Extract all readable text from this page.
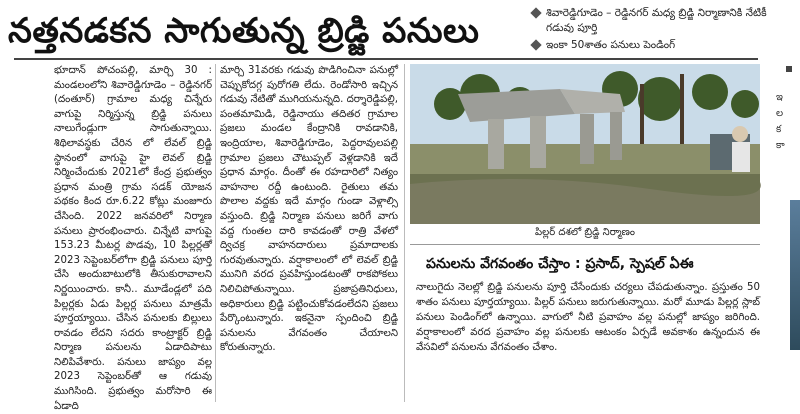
నత్తనడకన సాగుతున్న బ్రిడ్జి పనులు	శివారెడ్డిగూడెం – రెడ్డినగర్ మధ్య బ్రిడ్జి నిర్మాణానికి నేటికీ గడువు పూర్తి
ఇంకా 50శాతం పనులు పెండింగ్
భూదాన్ పోచంపల్లి, మార్చి 30 : మండలంలోని శివారెడ్డిగూడెం – రెడ్డినగర్ (దంతూర్) గ్రామాల మధ్య చిన్నేరు వాగుపై నిర్మిస్తున్న బ్రిడ్జి పనులు నాలుగేండ్లుగా సాగుతున్నాయి. శిథిలావస్థకు చేరిన లో లేవల్ బ్రిడ్జి స్థానంలో వాగుపై హై లెవల్ బ్రిడ్జి నిర్మించేందుకు 2021లో కేంద్ర ప్రభుత్వం ప్రధాన మంత్రి గ్రామ సడక్ యోజన పథకం కింద రూ.6.22 కోట్లు మంజూరు చేసింది. 2022 జనవరిలో నిర్మాణ పనులు ప్రారంభించారు. చిన్నేటి వాగుపై 153.23 మీటర్ల పొడవు, 10 పిల్లర్లతో 2023 సెప్టెంబర్‌లోగా బ్రిడ్జి పనులు పూర్తి చేసి అందుబాటులోకి తీసుకురావాలని నిర్ణయించారు. కానీ.. మూడేండ్లలో పది పిల్లర్లకు ఏడు పిల్లర్ల పనులు మాత్రమే పూర్తయ్యాయి. చేసిన పనులకు బిల్లులు రావడం లేదని సదరు కాంట్రాక్టర్ బ్రిడ్జి నిర్మాణ పనులను ఏడాదిపాటు నిలిపివేశారు. పనులు జాప్యం వల్ల 2023 సెప్టెంబర్‌తో ఆ గడువు ముగిసింది. ప్రభుత్వం మరోసారి ఈ ఏడాది
మార్చి 31వరకు గడువు పొడిగించినా పనుల్లో చెప్పుకోదగ్గ పురోగతి లేదు. రెండోసారి ఇచ్చిన గడువు నేటితో ముగియనున్నది. దర్శారెడ్డిపల్లి, పంతమామిడి, రెడ్డినాయు తదితర గ్రామాల ప్రజలు మండల కేంద్రానికి రావడానికి, ఇంద్రియాల, శివారెడ్డిగూడెం, పెద్దరావులపల్లి గ్రామాల ప్రజలు చౌటుప్పల్ వెళ్లడానికి ఇదే ప్రధాన మార్గం. దీంతో ఈ రహదారిలో నిత్యం వాహనాల రద్దీ ఉంటుంది. రైతులు తమ పొలాల వద్దకు ఇదే మార్గం గుండా వెళ్లాల్సి వస్తుంది. బ్రిడ్జి నిర్మాణ పనులు జరిగే వాగు వద్ద గుంతల దారి కావడంతో రాత్రి వేళలో ద్విచక్ర వాహనదారులు ప్రమాదాలకు గురవుతున్నారు. వర్షాకాలంలో లో లెవల్ బ్రిడ్జి మునిగి వరద ప్రవహిస్తుండటంతో రాకపోకలు నిలిచిపోతున్నాయి. ప్రజాప్రతినిధులు, అధికారులు బ్రిడ్జి పట్టించుకోవడంలేదని ప్రజలు పేర్కొంటున్నారు. ఇకనైనా స్పందించి బ్రిడ్జి పనులను వేగవంతం చేయాలని కోరుతున్నారు.
పిల్లర్ దశలో బ్రిడ్జి నిర్మాణం
పనులను వేగవంతం చేస్తాం : ప్రసాద్, స్పెషల్ ఏఈ
నాలుగైదు నెలల్లో బ్రిడ్జి పనులను పూర్తి చేసేందుకు చర్యలు చేపడుతున్నాం. ప్రస్తుతం 50 శాతం పనులు పూర్తయ్యాయి. పిల్లర్ పనులు జరుగుతున్నాయి. మరో మూడు పిల్లర్ల స్లాబ్ పనులు పెండింగ్‌లో ఉన్నాయి. వాగులో నీటి ప్రవాహం వల్ల పనుల్లో జాప్యం జరిగింది. వర్షాకాలంలో వరద ప్రవాహం వల్ల పనులకు ఆటంకం ఏర్పడే అవకాశం ఉన్నందున ఈ వేసవిలో పనులను వేగవంతం చేశాం.
ఇ
ల
క
కా
